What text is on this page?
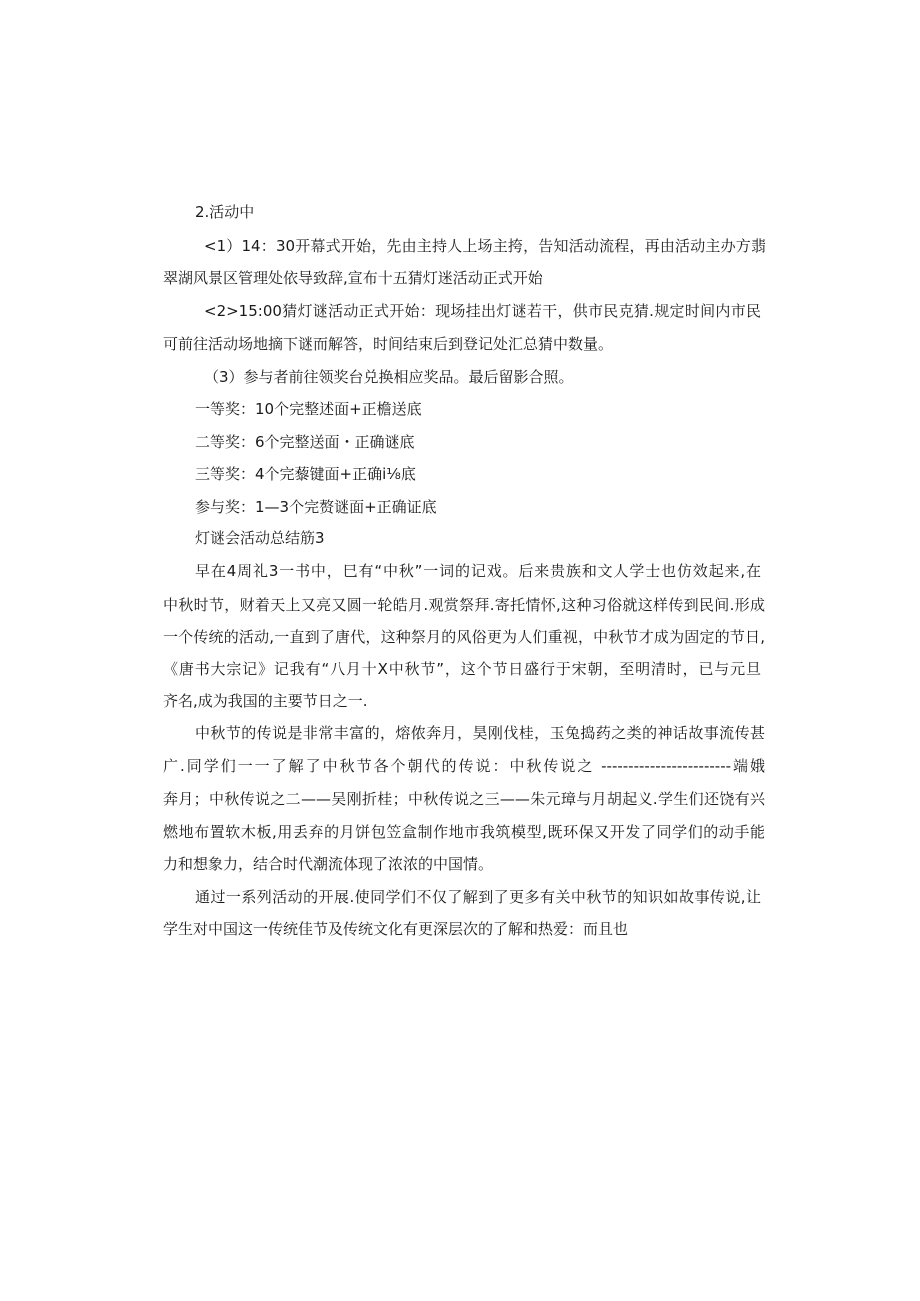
2.活动中
<1）14：30开幕式开始，先由主持人上场主挎，告知活动流程，再由活动主办方翡
翠湖风景区管理处依导致辞,宣布十五猜灯迷活动正式开始
<2>15:00猜灯谜活动正式开始：现场挂出灯谜若干，供市民克猜.规定时间内市民
可前往活动场地摘下谜而解答，时间结束后到登记处汇总猜中数量。
（3）参与者前往领奖台兑换相应奖品。最后留影合照。
一等奖：10个完整述面+正檐送底
二等奖：6个完整送面・正确谜底
三等奖：4个完藜键面+正确i⅛底
参与奖：1—3个完赘谜面+正确证底
灯谜会活动总结筋3
早在4周礼3一书中，巳有“中秋”一词的记戏。后来贵族和文人学士也仿效起来,在
中秋时节，财着天上又亮又圆一轮皓月.观赏祭拜.寄托情怀,这种习俗就这样传到民间.形成
一个传统的活动,一直到了唐代，这种祭月的风俗更为人们重视，中秋节才成为固定的节日,
《唐书大宗记》记我有“八月十X中秋节”，这个节日盛行于宋朝，至明清时，已与元旦
齐名,成为我国的主要节日之一.
中秋节的传说是非常丰富的，熔侬奔月，昊刚伐桂，玉兔捣药之类的神话故事流传甚
广.同学们一一了解了中秋节各个朝代的传说：中秋传说之 ------------------------端娥
奔月；中秋传说之二——吴刚折桂；中秋传说之三——朱元璋与月胡起义.学生们还饶有兴
燃地布置软木板,用丢弃的月饼包笠盒制作地市我筑模型,既环保又开发了同学们的动手能
力和想象力，结合时代潮流体现了浓浓的中国情。
通过一系列活动的开展.使同学们不仅了解到了更多有关中秋节的知识如故事传说,让
学生对中国这一传统佳节及传统文化有更深层次的了解和热爱：而且也
